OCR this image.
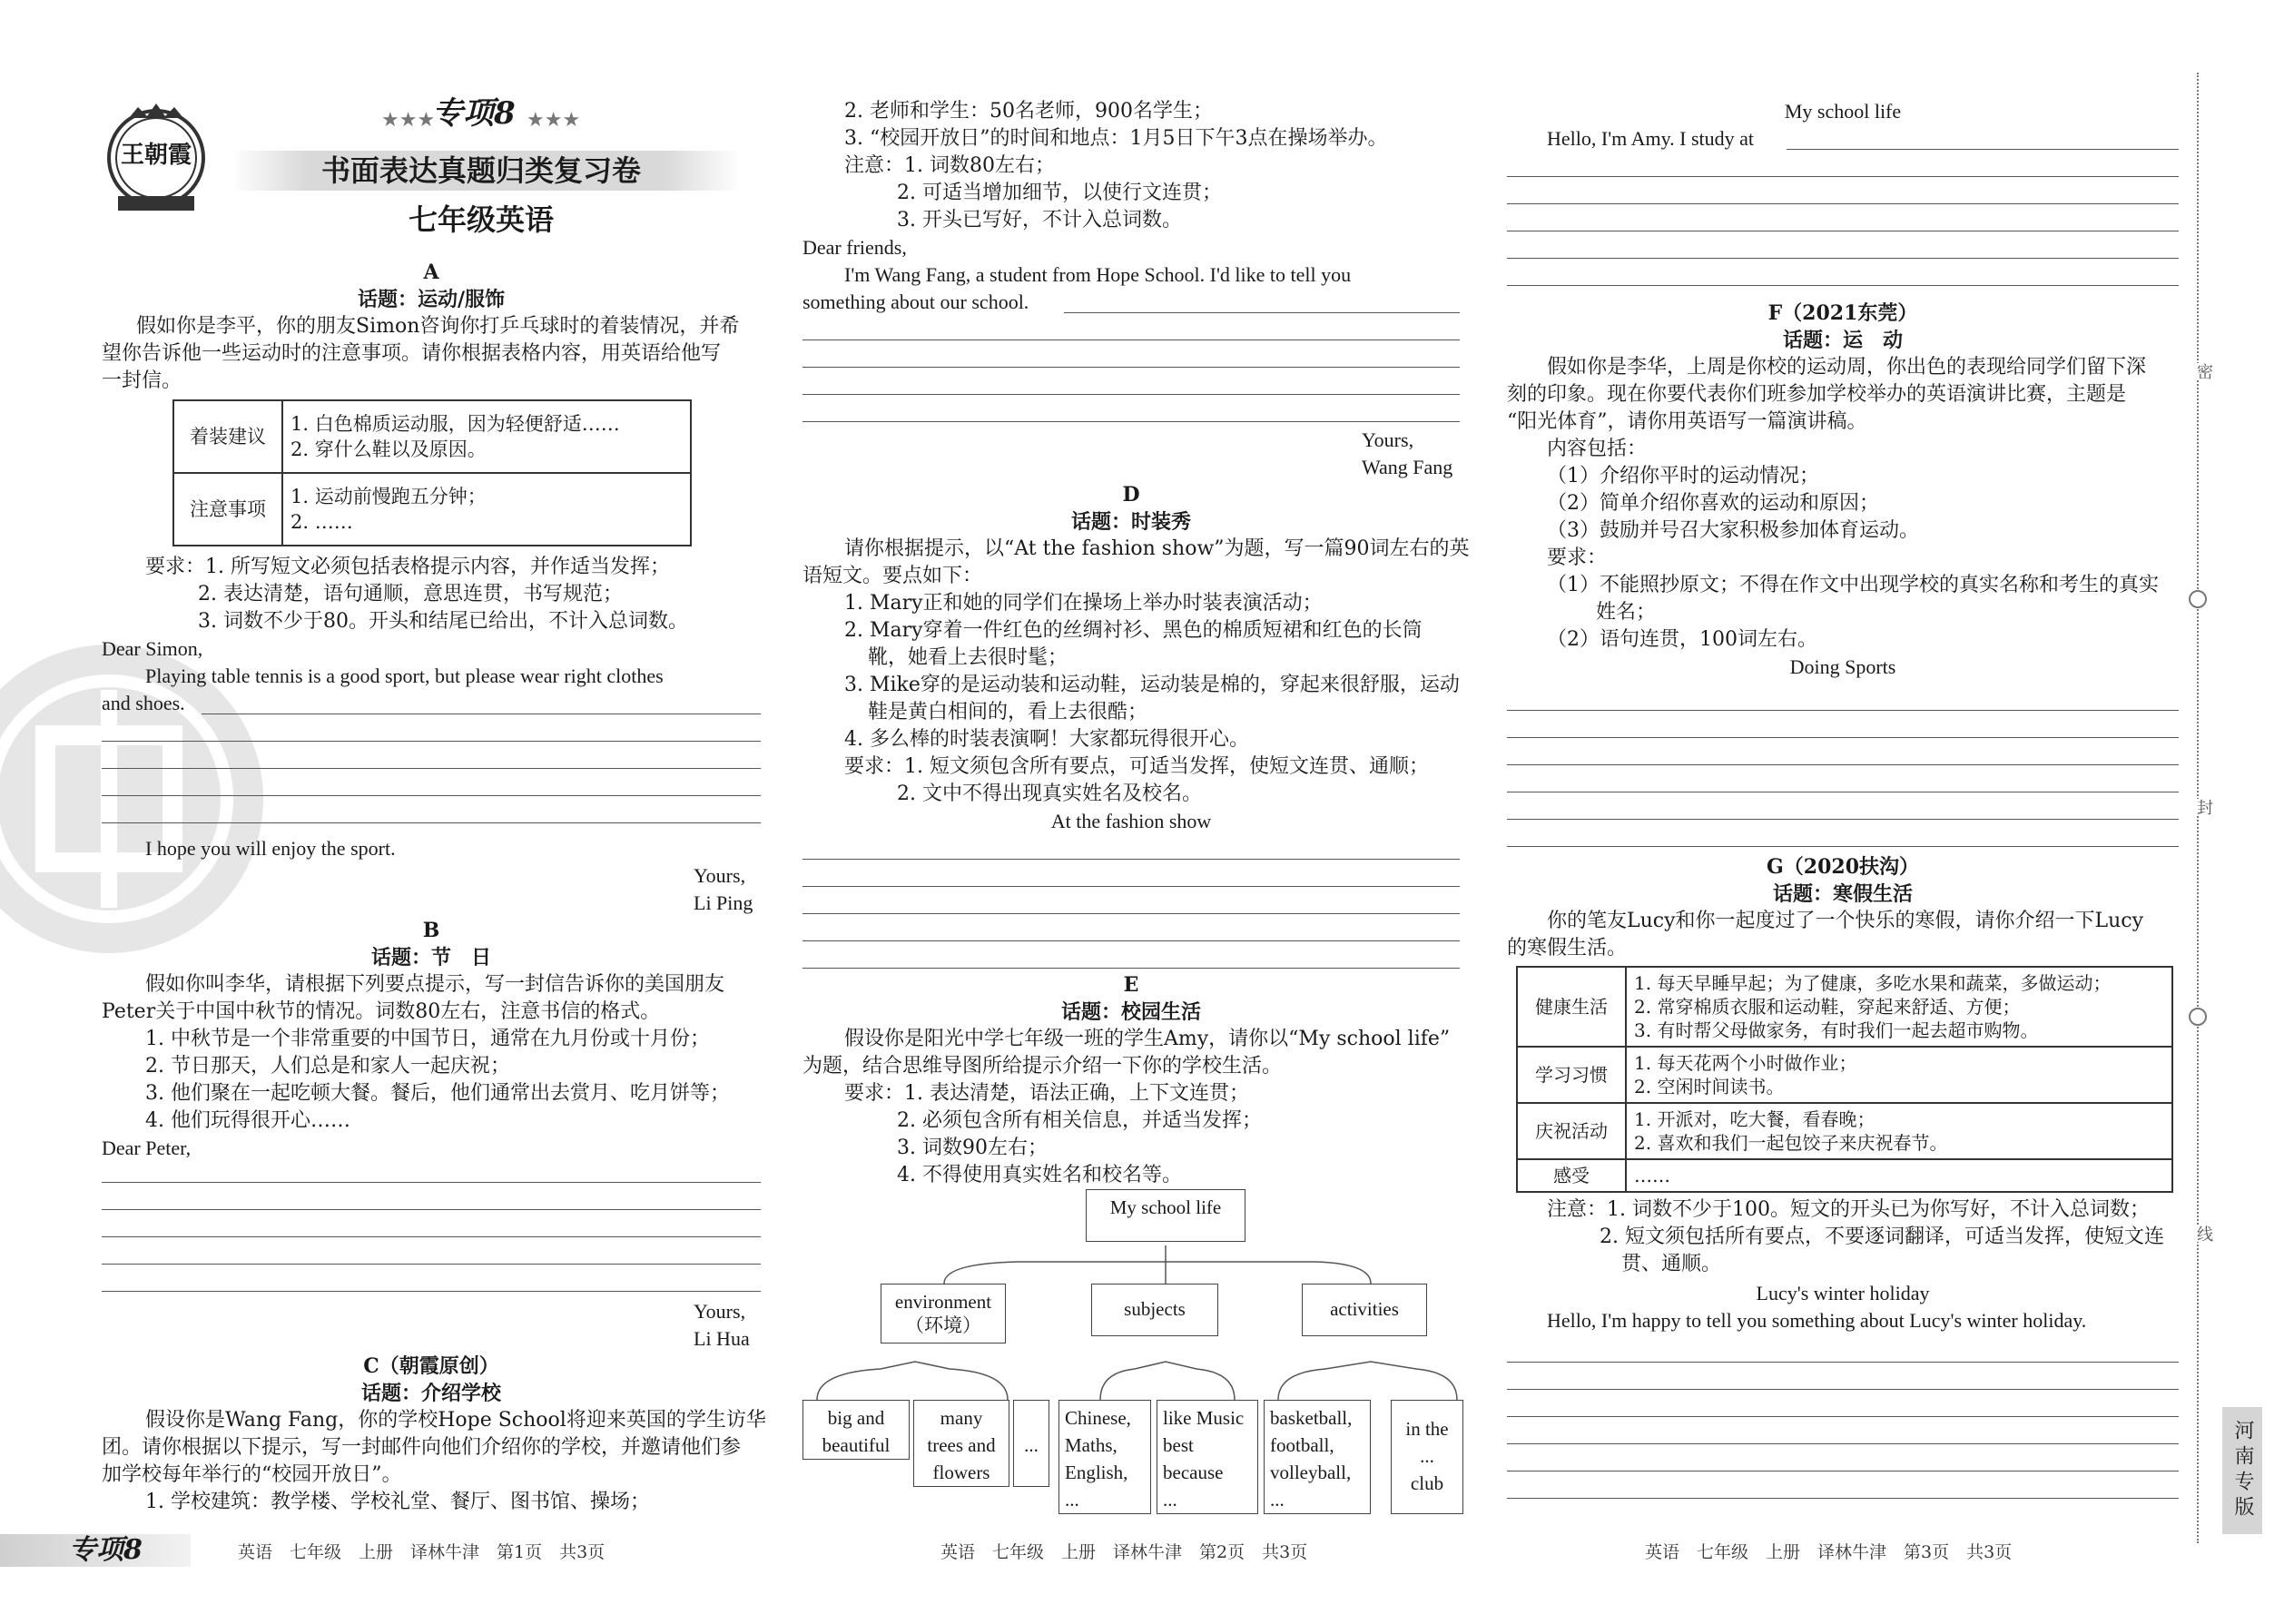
王朝霞
★★★
专项8 ★★★
书面表达真题归类复习卷
七年级英语
A
话题：运动/服饰
假如你是李平，你的朋友Simon咨询你打乒乓球时的着装情况，并希
望你告诉他一些运动时的注意事项。请你根据表格内容，用英语给他写
一封信。
着装建议	1. 白色棉质运动服，因为轻便舒适……
2. 穿什么鞋以及原因。

注意事项	1. 运动前慢跑五分钟；
2. ……
要求：1. 所写短文必须包括表格提示内容，并作适当发挥；
2. 表达清楚，语句通顺，意思连贯，书写规范；
3. 词数不少于80。开头和结尾已给出，不计入总词数。
Dear Simon,
Playing table tennis is a good sport, but please wear right clothes
and shoes.
I hope you will enjoy the sport.
Yours,
Li Ping
B
话题：节　日
假如你叫李华，请根据下列要点提示，写一封信告诉你的美国朋友
Peter关于中国中秋节的情况。词数80左右，注意书信的格式。
1. 中秋节是一个非常重要的中国节日，通常在九月份或十月份；
2. 节日那天，人们总是和家人一起庆祝；
3. 他们聚在一起吃顿大餐。餐后，他们通常出去赏月、吃月饼等；
4. 他们玩得很开心……
Dear Peter,
Yours,
Li Hua
C（朝霞原创）
话题：介绍学校
假设你是Wang Fang，你的学校Hope School将迎来英国的学生访华
团。请你根据以下提示，写一封邮件向他们介绍你的学校，并邀请他们参
加学校每年举行的“校园开放日”。
1. 学校建筑：教学楼、学校礼堂、餐厅、图书馆、操场；
专项8	英语　七年级　上册　译林牛津　第1页　共3页
2. 老师和学生：50名老师，900名学生；
3. “校园开放日”的时间和地点：1月5日下午3点在操场举办。
注意：1. 词数80左右；
2. 可适当增加细节，以使行文连贯；
3. 开头已写好，不计入总词数。
Dear friends,
I'm Wang Fang, a student from Hope School. I'd like to tell you
something about our school.
Yours,
Wang Fang
D
话题：时装秀
请你根据提示，以“At the fashion show”为题，写一篇90词左右的英
语短文。要点如下：
1. Mary正和她的同学们在操场上举办时装表演活动；
2. Mary穿着一件红色的丝绸衬衫、黑色的棉质短裙和红色的长筒
靴，她看上去很时髦；
3. Mike穿的是运动装和运动鞋，运动装是棉的，穿起来很舒服，运动
鞋是黄白相间的，看上去很酷；
4. 多么棒的时装表演啊！大家都玩得很开心。
要求：1. 短文须包含所有要点，可适当发挥，使短文连贯、通顺；
2. 文中不得出现真实姓名及校名。
At the fashion show
E
话题：校园生活
假设你是阳光中学七年级一班的学生Amy，请你以“My school life”
为题，结合思维导图所给提示介绍一下你的学校生活。
要求：1. 表达清楚，语法正确，上下文连贯；
2. 必须包含所有相关信息，并适当发挥；
3. 词数90左右；
4. 不得使用真实姓名和校名等。
My school life
environment
（环境）
subjects	activities
big and
beautiful
many
trees and
flowers
...
Chinese,
Maths,
English,
...
like Music
best
because
...
basketball,
football,
volleyball,
...
in the
...
club
英语　七年级　上册　译林牛津　第2页　共3页
My school life
Hello, I'm Amy. I study at
F（2021东莞）
话题：运　动
假如你是李华，上周是你校的运动周，你出色的表现给同学们留下深
刻的印象。现在你要代表你们班参加学校举办的英语演讲比赛，主题是
“阳光体育”，请你用英语写一篇演讲稿。
内容包括：
（1）介绍你平时的运动情况；
（2）简单介绍你喜欢的运动和原因；
（3）鼓励并号召大家积极参加体育运动。
要求：
（1）不能照抄原文；不得在作文中出现学校的真实名称和考生的真实
姓名；
（2）语句连贯，100词左右。
Doing Sports
G（2020扶沟）
话题：寒假生活
你的笔友Lucy和你一起度过了一个快乐的寒假，请你介绍一下Lucy
的寒假生活。
健康生活	1. 每天早睡早起；为了健康，多吃水果和蔬菜，多做运动；
2. 常穿棉质衣服和运动鞋，穿起来舒适、方便；
3. 有时帮父母做家务，有时我们一起去超市购物。

学习习惯	1. 每天花两个小时做作业；
2. 空闲时间读书。

庆祝活动	1. 开派对，吃大餐，看春晚；
2. 喜欢和我们一起包饺子来庆祝春节。

感受	……
注意：1. 词数不少于100。短文的开头已为你写好，不计入总词数；
2. 短文须包括所有要点，不要逐词翻译，可适当发挥，使短文连
贯、通顺。
Lucy's winter holiday
Hello, I'm happy to tell you something about Lucy's winter holiday.
英语　七年级　上册　译林牛津　第3页　共3页
密
封
线
河南专版
